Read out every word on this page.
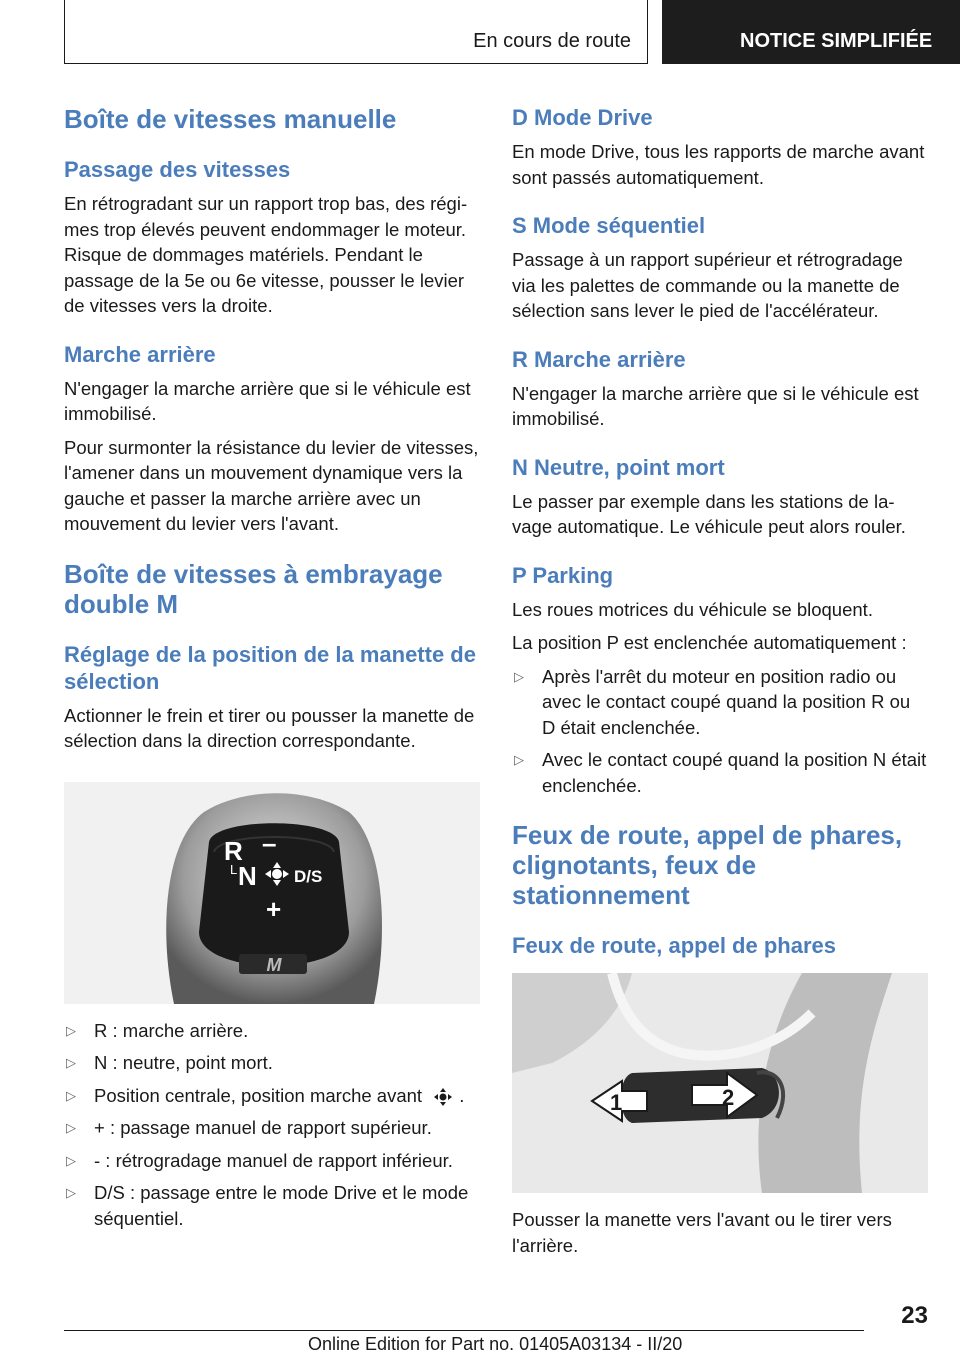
En cours de route	NOTICE SIMPLIFIÉE
Boîte de vitesses manuelle
Passage des vitesses

En rétrogradant sur un rapport trop bas, des régimes trop élevés peuvent endommager le moteur. Risque de dommages matériels. Pendant le passage de la 5e ou 6e vitesse, pousser le levier de vitesses vers la droite.

Marche arrière

N'engager la marche arrière que si le véhicule est immobilisé.

Pour surmonter la résistance du levier de vitesses, l'amener dans un mouvement dynamique vers la gauche et passer la marche arrière avec un mouvement du levier vers l'avant.

Boîte de vitesses à embrayage double M
Réglage de la position de la manette de sélection

Actionner le frein et tirer ou pousser la manette de sélection dans la direction correspondante.

R –
L N D/S
+
M
▷ R : marche arrière.
▷ N : neutre, point mort.
▷ Position centrale, position marche avant .
▷ + : passage manuel de rapport supérieur.
▷ - : rétrogradage manuel de rapport inférieur.
▷ D/S : passage entre le mode Drive et le mode séquentiel.
D Mode Drive

En mode Drive, tous les rapports de marche avant sont passés automatiquement.

S Mode séquentiel

Passage à un rapport supérieur et rétrogradage via les palettes de commande ou la manette de sélection sans lever le pied de l'accélérateur.

R Marche arrière

N'engager la marche arrière que si le véhicule est immobilisé.

N Neutre, point mort

Le passer par exemple dans les stations de lavage automatique. Le véhicule peut alors rouler.

P Parking

Les roues motrices du véhicule se bloquent.

La position P est enclenchée automatiquement :

▷ Après l'arrêt du moteur en position radio ou avec le contact coupé quand la position R ou D était enclenchée.
▷ Avec le contact coupé quand la position N était enclenchée.
Feux de route, appel de phares, clignotants, feux de stationnement
Feux de route, appel de phares
1	2

Pousser la manette vers l'avant ou le tirer vers l'arrière.

23
Online Edition for Part no. 01405A03134 - II/20
